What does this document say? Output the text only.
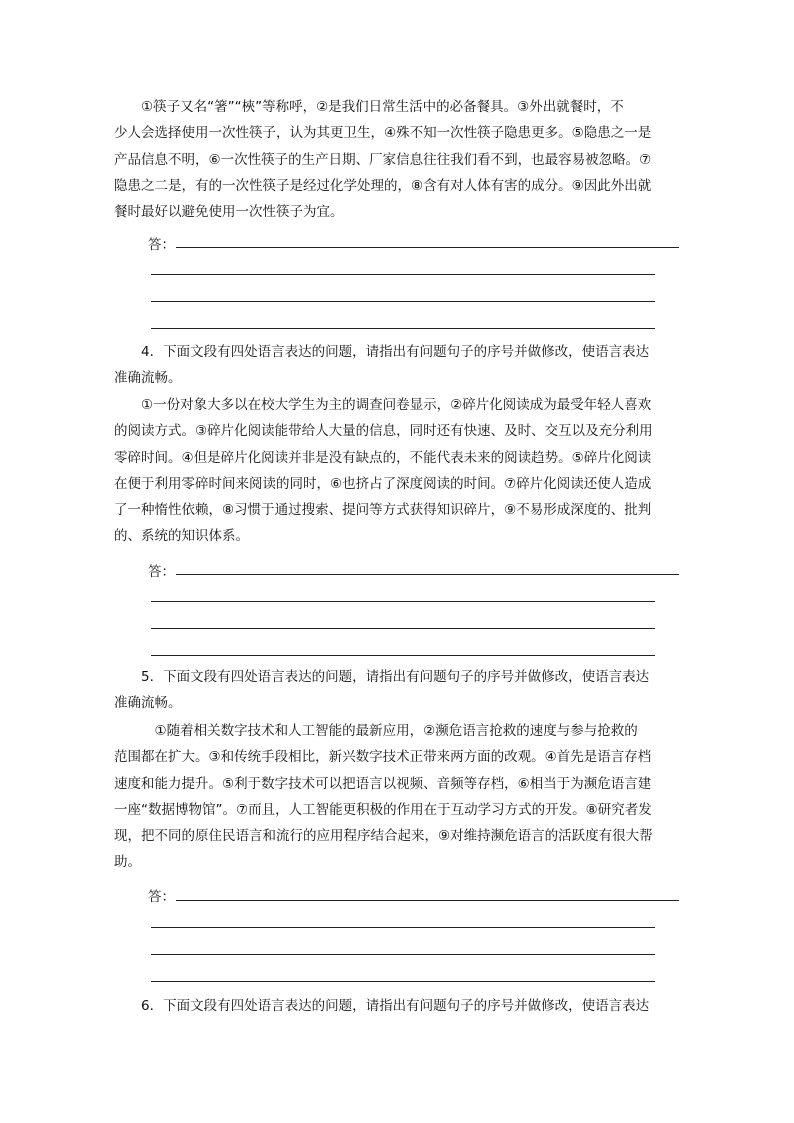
　　①筷子又名“箸”“梜”等称呼，②是我们日常生活中的必备餐具。③外出就餐时，不
少人会选择使用一次性筷子，认为其更卫生，④殊不知一次性筷子隐患更多。⑤隐患之一是
产品信息不明，⑥一次性筷子的生产日期、厂家信息往往我们看不到，也最容易被忽略。⑦
隐患之二是，有的一次性筷子是经过化学处理的，⑧含有对人体有害的成分。⑨因此外出就
餐时最好以避免使用一次性筷子为宜。

答：

　　4．下面文段有四处语言表达的问题，请指出有问题句子的序号并做修改，使语言表达
准确流畅。

　　①一份对象大多以在校大学生为主的调查问卷显示，②碎片化阅读成为最受年轻人喜欢
的阅读方式。③碎片化阅读能带给人大量的信息，同时还有快速、及时、交互以及充分利用
零碎时间。④但是碎片化阅读并非是没有缺点的，不能代表未来的阅读趋势。⑤碎片化阅读
在便于利用零碎时间来阅读的同时，⑥也挤占了深度阅读的时间。⑦碎片化阅读还使人造成
了一种惰性依赖，⑧习惯于通过搜索、提问等方式获得知识碎片，⑨不易形成深度的、批判
的、系统的知识体系。

答：

　　5．下面文段有四处语言表达的问题，请指出有问题句子的序号并做修改，使语言表达
准确流畅。

　　　①随着相关数字技术和人工智能的最新应用，②濒危语言抢救的速度与参与抢救的
范围都在扩大。③和传统手段相比，新兴数字技术正带来两方面的改观。④首先是语言存档
速度和能力提升。⑤利于数字技术可以把语言以视频、音频等存档，⑥相当于为濒危语言建
一座“数据博物馆”。⑦而且，人工智能更积极的作用在于互动学习方式的开发。⑧研究者发
现，把不同的原住民语言和流行的应用程序结合起来，⑨对维持濒危语言的活跃度有很大帮
助。

答：

　　6．下面文段有四处语言表达的问题，请指出有问题句子的序号并做修改，使语言表达
